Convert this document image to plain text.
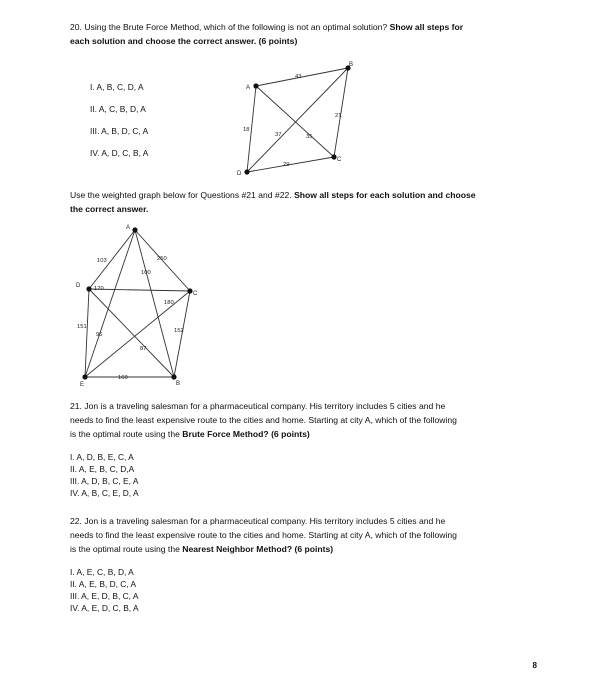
20. Using the Brute Force Method, which of the following is not an optimal solution? Show all steps for

each solution and choose the correct answer. (6 points)

I. A, B, C, D, A

II. A, C, B, D, A

III. A, B, D, C, A

IV. A, D, C, B, A

A
B
C
D
43
21
18
37	35
29

Use the weighted graph below for Questions #21 and #22. Show all steps for each solution and choose

the correct answer.

A
B
C
D
E
103	250
100
170
180
151
95
152
87
160

21. Jon is a traveling salesman for a pharmaceutical company. His territory includes 5 cities and he

needs to find the least expensive route to the cities and home. Starting at city A, which of the following

is the optimal route using the Brute Force Method? (6 points)

I. A, D, B, E, C, A

II. A, E, B, C, D,A

III. A, D, B, C, E, A

IV. A, B, C, E, D, A

22. Jon is a traveling salesman for a pharmaceutical company. His territory includes 5 cities and he

needs to find the least expensive route to the cities and home. Starting at city A, which of the following

is the optimal route using the Nearest Neighbor Method? (6 points)

I. A, E, C, B, D, A

II. A, E, B, D, C, A

III. A, E, D, B, C, A

IV. A, E, D, C, B, A

8
